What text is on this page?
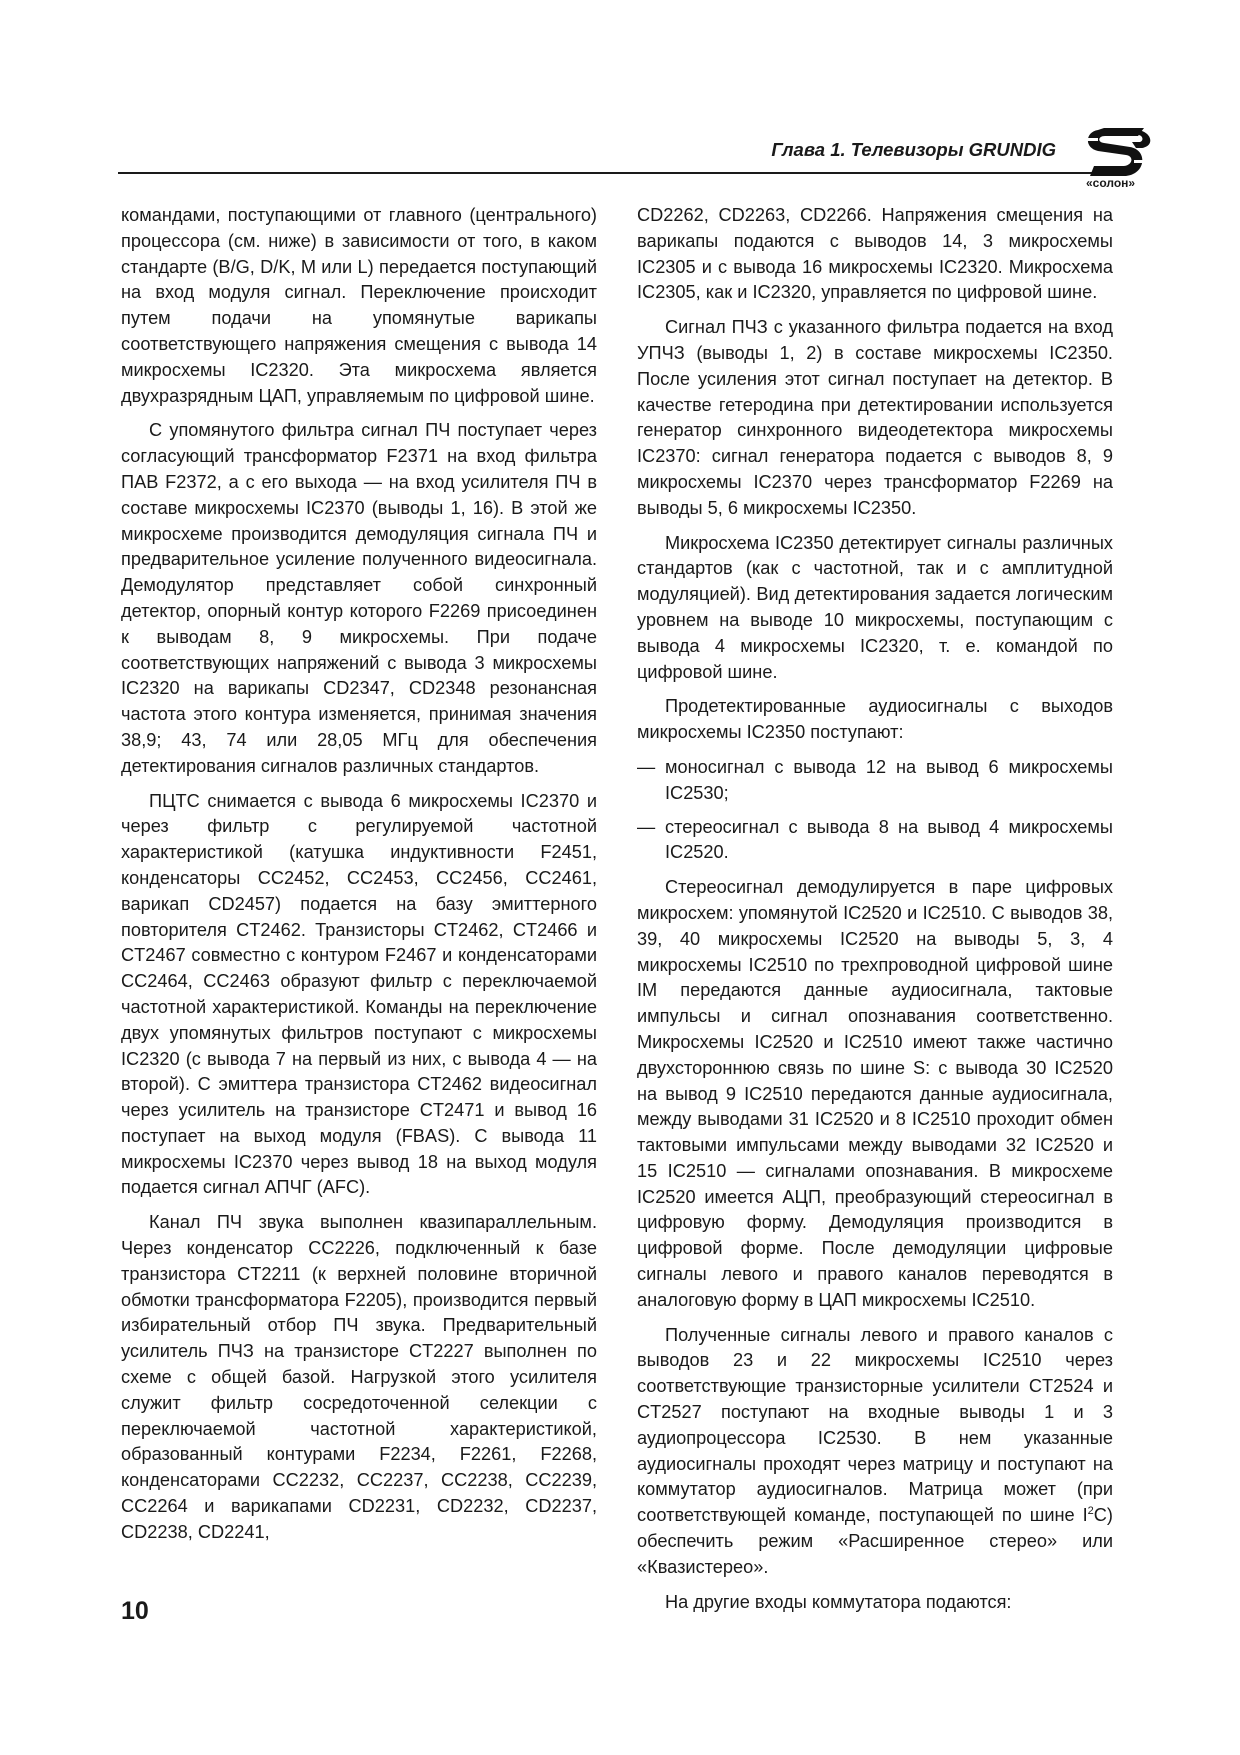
Глава 1. Телевизоры GRUNDIG
«солон»

командами, поступающими от главного (центрального) процессора (см. ниже) в зависимости от того, в каком стандарте (B/G, D/K, M или L) передается поступающий на вход модуля сигнал. Переключение происходит путем подачи на упомянутые варикапы соответствующего напряжения смещения с вывода 14 микросхемы IC2320. Эта микросхема является двухразрядным ЦАП, управляемым по цифровой шине.

С упомянутого фильтра сигнал ПЧ поступает через согласующий трансформатор F2371 на вход фильтра ПАВ F2372, а с его выхода — на вход усилителя ПЧ в составе микросхемы IC2370 (выводы 1, 16). В этой же микросхеме производится демодуляция сигнала ПЧ и предварительное усиление полученного видеосигнала. Демодулятор представляет собой синхронный детектор, опорный контур которого F2269 присоединен к выводам 8, 9 микросхемы. При подаче соответствующих напряжений с вывода 3 микросхемы IC2320 на варикапы CD2347, CD2348 резонансная частота этого контура изменяется, принимая значения 38,9; 43, 74 или 28,05 МГц для обеспечения детектирования сигналов различных стандартов.

ПЦТС снимается с вывода 6 микросхемы IC2370 и через фильтр с регулируемой частотной характеристикой (катушка индуктивности F2451, конденсаторы CC2452, CC2453, CC2456, CC2461, варикап CD2457) подается на базу эмиттерного повторителя CT2462. Транзисторы CT2462, CT2466 и CT2467 совместно с контуром F2467 и конденсаторами CC2464, CC2463 образуют фильтр с переключаемой частотной характеристикой. Команды на переключение двух упомянутых фильтров поступают с микросхемы IC2320 (с вывода 7 на первый из них, с вывода 4 — на второй). С эмиттера транзистора CT2462 видеосигнал через усилитель на транзисторе CT2471 и вывод 16 поступает на выход модуля (FBAS). С вывода 11 микросхемы IC2370 через вывод 18 на выход модуля подается сигнал АПЧГ (AFC).

Канал ПЧ звука выполнен квазипараллельным. Через конденсатор CC2226, подключенный к базе транзистора CT2211 (к верхней половине вторичной обмотки трансформатора F2205), производится первый избирательный отбор ПЧ звука. Предварительный усилитель ПЧЗ на транзисторе CT2227 выполнен по схеме с общей базой. Нагрузкой этого усилителя служит фильтр сосредоточенной селекции с переключаемой частотной характеристикой, образованный контурами F2234, F2261, F2268, конденсаторами CC2232, CC2237, CC2238, CC2239, CC2264 и варикапами CD2231, CD2232, CD2237, CD2238, CD2241,

CD2262, CD2263, CD2266. Напряжения смещения на варикапы подаются с выводов 14, 3 микросхемы IC2305 и с вывода 16 микросхемы IC2320. Микросхема IC2305, как и IC2320, управляется по цифровой шине.

Сигнал ПЧЗ с указанного фильтра подается на вход УПЧЗ (выводы 1, 2) в составе микросхемы IC2350. После усиления этот сигнал поступает на детектор. В качестве гетеродина при детектировании используется генератор синхронного видеодетектора микросхемы IC2370: сигнал генератора подается с выводов 8, 9 микросхемы IC2370 через трансформатор F2269 на выводы 5, 6 микросхемы IC2350.

Микросхема IC2350 детектирует сигналы различных стандартов (как с частотной, так и с амплитудной модуляцией). Вид детектирования задается логическим уровнем на выводе 10 микросхемы, поступающим с вывода 4 микросхемы IC2320, т. е. командой по цифровой шине.

Продетектированные аудиосигналы с выходов микросхемы IC2350 поступают:

— моносигнал с вывода 12 на вывод 6 микросхемы IC2530;
— стереосигнал с вывода 8 на вывод 4 микросхемы IC2520.

Стереосигнал демодулируется в паре цифровых микросхем: упомянутой IC2520 и IC2510. С выводов 38, 39, 40 микросхемы IC2520 на выводы 5, 3, 4 микросхемы IC2510 по трехпроводной цифровой шине IM передаются данные аудиосигнала, тактовые импульсы и сигнал опознавания соответственно. Микросхемы IC2520 и IC2510 имеют также частично двухстороннюю связь по шине S: с вывода 30 IC2520 на вывод 9 IC2510 передаются данные аудиосигнала, между выводами 31 IC2520 и 8 IC2510 проходит обмен тактовыми импульсами между выводами 32 IC2520 и 15 IC2510 — сигналами опознавания. В микросхеме IC2520 имеется АЦП, преобразующий стереосигнал в цифровую форму. Демодуляция производится в цифровой форме. После демодуляции цифровые сигналы левого и правого каналов переводятся в аналоговую форму в ЦАП микросхемы IC2510.

Полученные сигналы левого и правого каналов с выводов 23 и 22 микросхемы IC2510 через соответствующие транзисторные усилители CT2524 и CT2527 поступают на входные выводы 1 и 3 аудиопроцессора IC2530. В нем указанные аудиосигналы проходят через матрицу и поступают на коммутатор аудиосигналов. Матрица может (при соответствующей команде, поступающей по шине $I^2C$) обеспечить режим «Расширенное стерео» или «Квазистерео».

На другие входы коммутатора подаются:

10
